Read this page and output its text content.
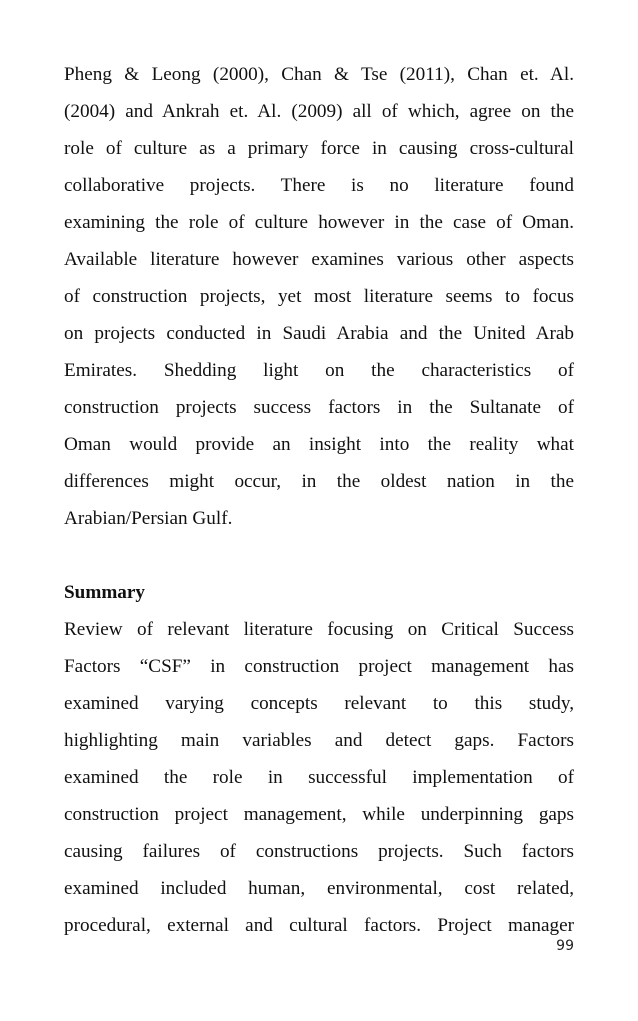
Pheng & Leong (2000), Chan & Tse (2011), Chan et. Al.
(2004) and Ankrah et. Al. (2009) all of which, agree on the
role of culture as a primary force in causing cross-cultural
collaborative projects. There is no literature found
examining the role of culture however in the case of Oman.
Available literature however examines various other aspects
of construction projects, yet most literature seems to focus
on projects conducted in Saudi Arabia and the United Arab
Emirates. Shedding light on the characteristics of
construction projects success factors in the Sultanate of
Oman would provide an insight into the reality what
differences might occur, in the oldest nation in the
Arabian/Persian Gulf.
Summary
Review of relevant literature focusing on Critical Success
Factors “CSF” in construction project management has
examined varying concepts relevant to this study,
highlighting main variables and detect gaps. Factors
examined the role in successful implementation of
construction project management, while underpinning gaps
causing failures of constructions projects. Such factors
examined included human, environmental, cost related,
procedural, external and cultural factors. Project manager
99
